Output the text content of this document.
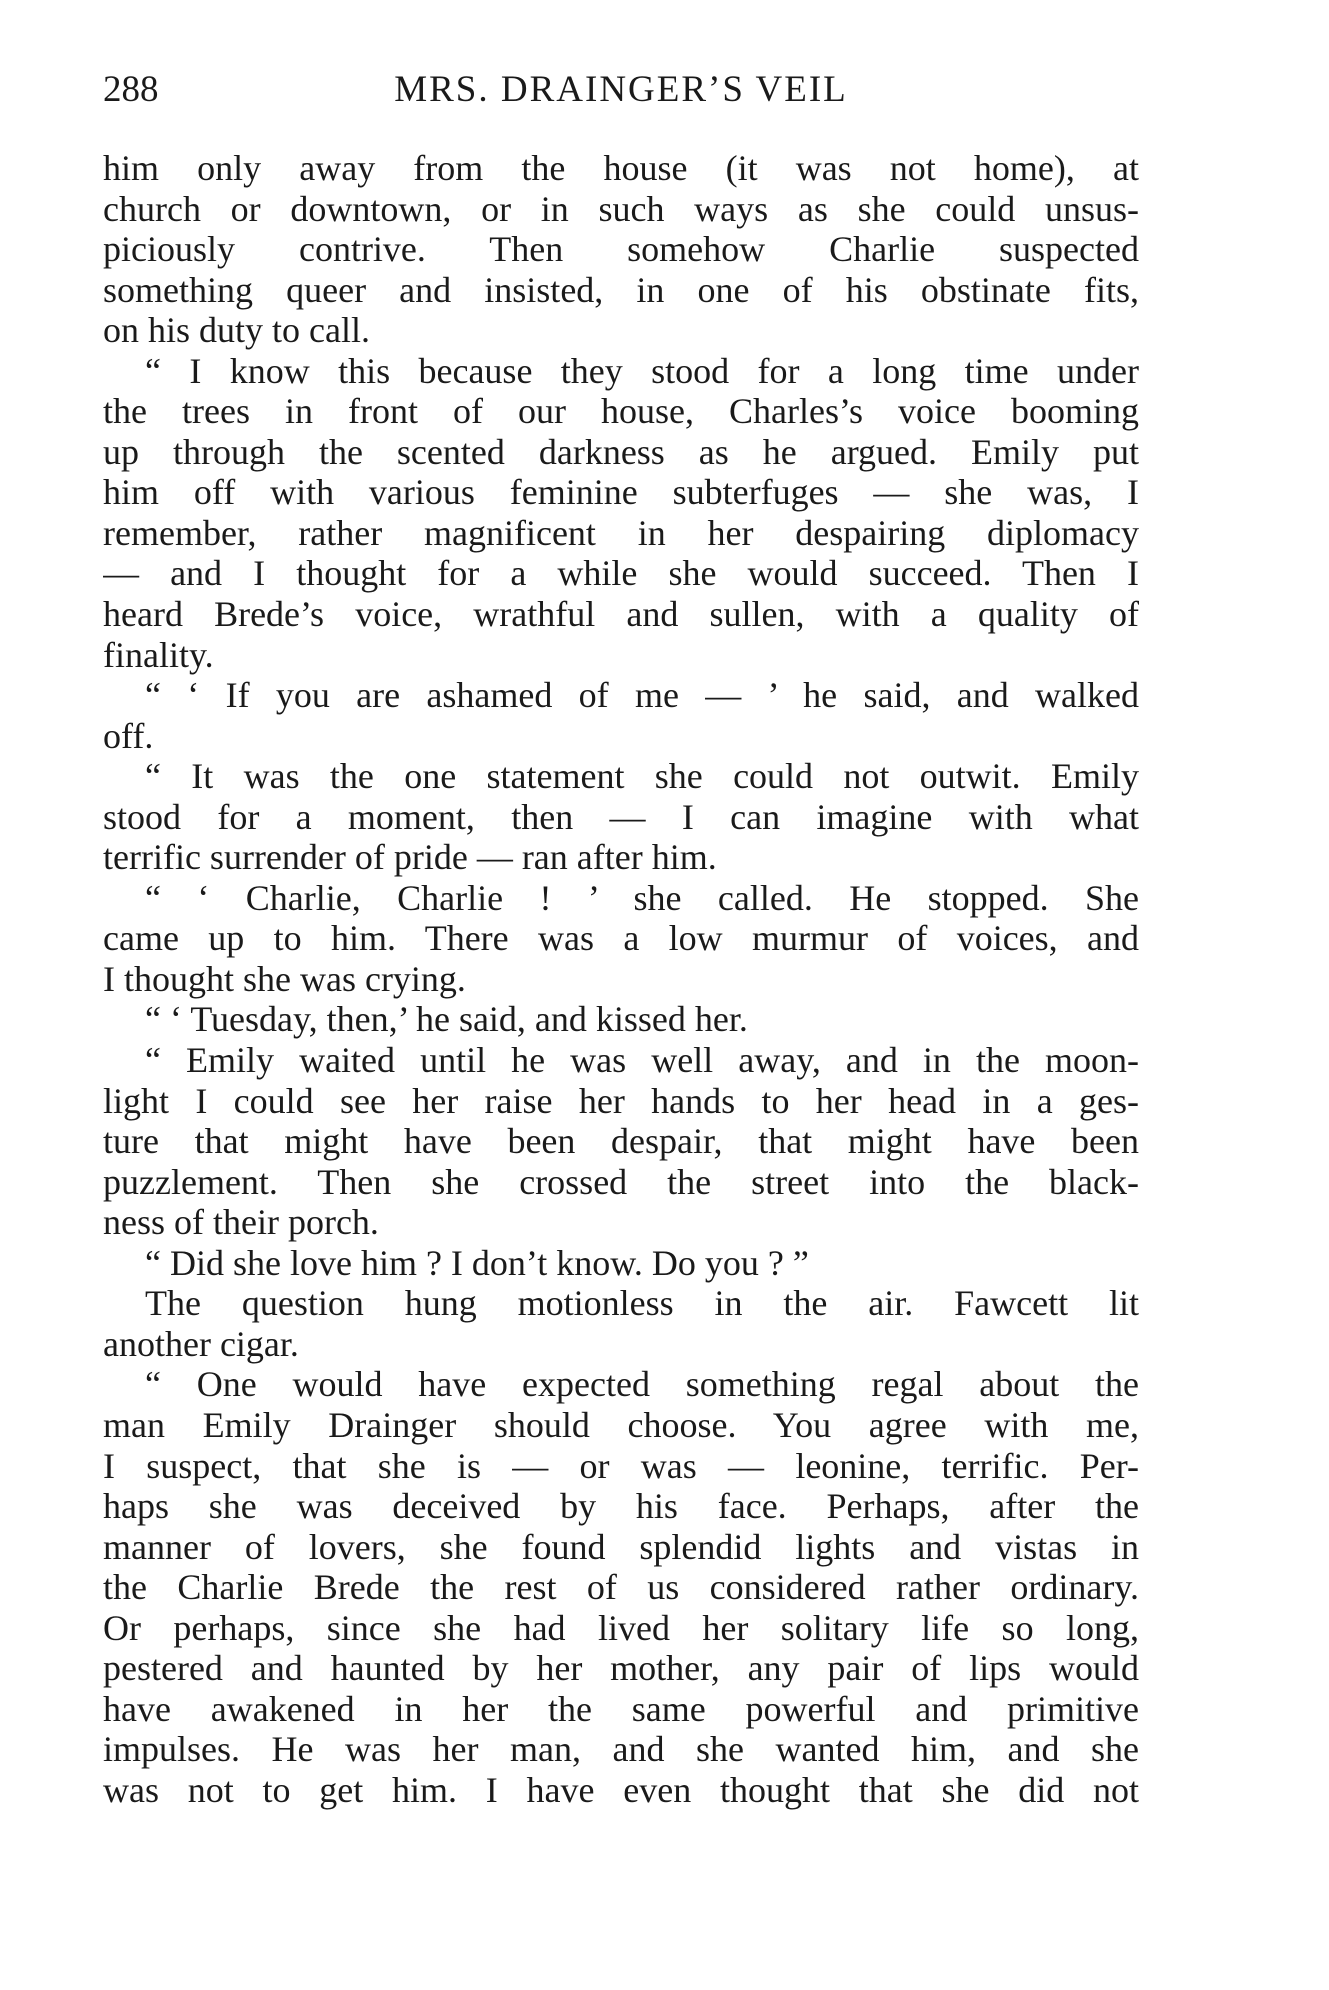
288	MRS. DRAINGER’S VEIL
him only away from the house (it was not home), at
church or downtown, or in such ways as she could unsus-
piciously contrive. Then somehow Charlie suspected
something queer and insisted, in one of his obstinate fits,
on his duty to call.
“ I know this because they stood for a long time under
the trees in front of our house, Charles’s voice booming
up through the scented darkness as he argued. Emily put
him off with various feminine subterfuges — she was, I
remember, rather magnificent in her despairing diplomacy
— and I thought for a while she would succeed. Then I
heard Brede’s voice, wrathful and sullen, with a quality of
finality.
“ ‘ If you are ashamed of me — ’ he said, and walked
off.
“ It was the one statement she could not outwit. Emily
stood for a moment, then — I can imagine with what
terrific surrender of pride — ran after him.
“ ‘ Charlie, Charlie ! ’ she called. He stopped. She
came up to him. There was a low murmur of voices, and
I thought she was crying.
“ ‘ Tuesday, then,’ he said, and kissed her.
“ Emily waited until he was well away, and in the moon-
light I could see her raise her hands to her head in a ges-
ture that might have been despair, that might have been
puzzlement. Then she crossed the street into the black-
ness of their porch.
“ Did she love him ? I don’t know. Do you ? ”
The question hung motionless in the air. Fawcett lit
another cigar.
“ One would have expected something regal about the
man Emily Drainger should choose. You agree with me,
I suspect, that she is — or was — leonine, terrific. Per-
haps she was deceived by his face. Perhaps, after the
manner of lovers, she found splendid lights and vistas in
the Charlie Brede the rest of us considered rather ordinary.
Or perhaps, since she had lived her solitary life so long,
pestered and haunted by her mother, any pair of lips would
have awakened in her the same powerful and primitive
impulses. He was her man, and she wanted him, and she
was not to get him. I have even thought that she did not
